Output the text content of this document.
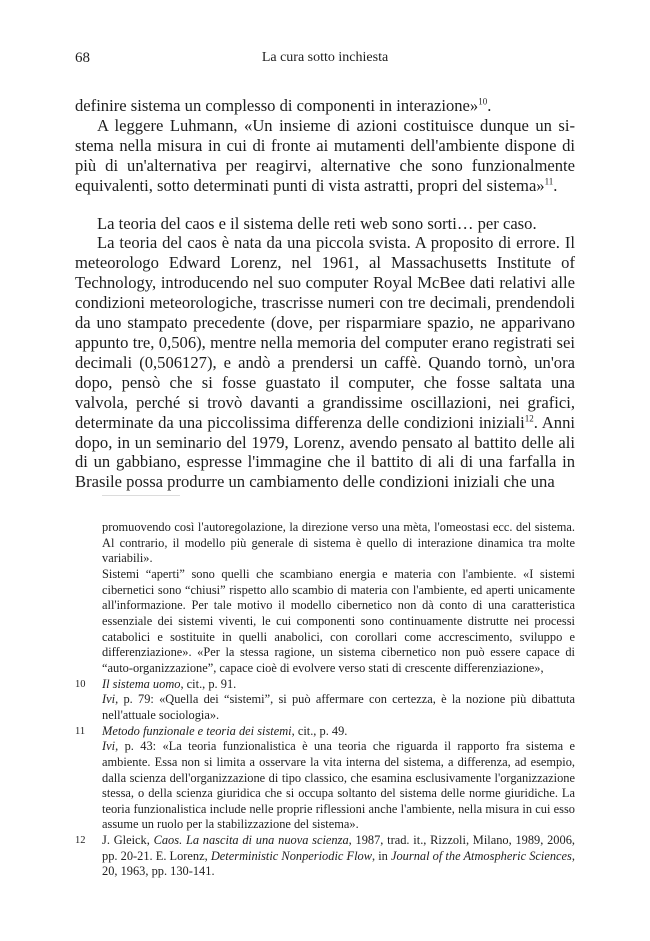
68	La cura sotto inchiesta

definire sistema un complesso di componenti in interazione»$^{10}$.

A leggere Luhmann, «Un insieme di azioni costituisce dunque un sistema nella misura in cui di fronte ai mutamenti dell'ambiente dispone di più di un'alternativa per reagirvi, alternative che sono funzionalmente equivalenti, sotto determinati punti di vista astratti, propri del sistema»$^{11}$.

La teoria del caos e il sistema delle reti web sono sorti… per caso.

La teoria del caos è nata da una piccola svista. A proposito di errore. Il meteorologo Edward Lorenz, nel 1961, al Massachusetts Institute of Technology, introducendo nel suo computer Royal McBee dati relativi alle condizioni meteorologiche, trascrisse numeri con tre decimali, prendendoli da uno stampato precedente (dove, per risparmiare spazio, ne apparivano appunto tre, 0,506), mentre nella memoria del computer erano registrati sei decimali (0,506127), e andò a prendersi un caffè. Quando tornò, un'ora dopo, pensò che si fosse guastato il computer, che fosse saltata una valvola, perché si trovò davanti a grandissime oscillazioni, nei grafici, determinate da una piccolissima differenza delle condizioni iniziali$^{12}$. Anni dopo, in un seminario del 1979, Lorenz, avendo pensato al battito delle ali di un gabbiano, espresse l'immagine che il battito di ali di una farfalla in Brasile possa produrre un cambiamento delle condizioni iniziali che una

promuovendo così l'autoregolazione, la direzione verso una mèta, l'omeostasi ecc. del sistema. Al contrario, il modello più generale di sistema è quello di interazione dinamica tra molte variabili».

Sistemi “aperti” sono quelli che scambiano energia e materia con l'ambiente. «I sistemi cibernetici sono “chiusi” rispetto allo scambio di materia con l'ambiente, ed aperti unicamente all'informazione. Per tale motivo il modello cibernetico non dà conto di una caratteristica essenziale dei sistemi viventi, le cui componenti sono continuamente distrutte nei processi catabolici e sostituite in quelli anabolici, con corollari come accrescimento, sviluppo e differenziazione». «Per la stessa ragione, un sistema cibernetico non può essere capace di “auto-organizzazione”, capace cioè di evolvere verso stati di crescente differenziazione»,

10 Il sistema uomo, cit., p. 91.

Ivi, p. 79: «Quella dei “sistemi”, si può affermare con certezza, è la nozione più dibattuta nell'attuale sociologia».

11 Metodo funzionale e teoria dei sistemi, cit., p. 49.

Ivi, p. 43: «La teoria funzionalistica è una teoria che riguarda il rapporto fra sistema e ambiente. Essa non si limita a osservare la vita interna del sistema, a differenza, ad esempio, dalla scienza dell'organizzazione di tipo classico, che esamina esclusivamente l'organizzazione stessa, o della scienza giuridica che si occupa soltanto del sistema delle norme giuridiche. La teoria funzionalistica include nelle proprie riflessioni anche l'ambiente, nella misura in cui esso assume un ruolo per la stabilizzazione del sistema».

12 J. Gleick, Caos. La nascita di una nuova scienza, 1987, trad. it., Rizzoli, Milano, 1989, 2006, pp. 20-21. E. Lorenz, Deterministic Nonperiodic Flow, in Journal of the Atmospheric Sciences, 20, 1963, pp. 130-141.
